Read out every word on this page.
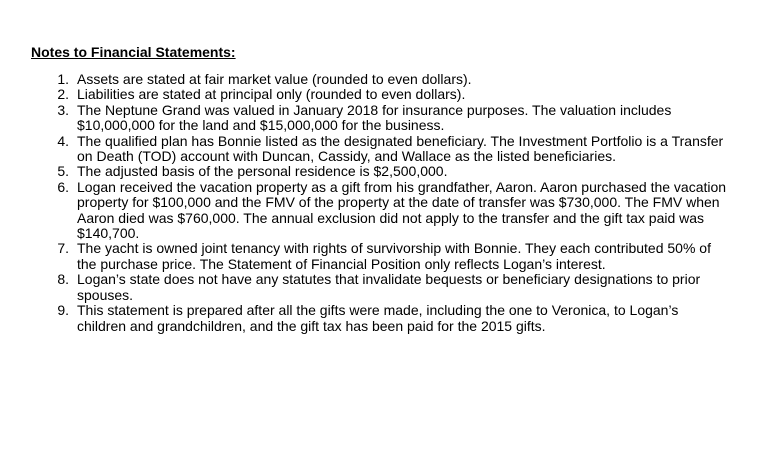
Notes to Financial Statements:
1. Assets are stated at fair market value (rounded to even dollars).
2. Liabilities are stated at principal only (rounded to even dollars).
3. The Neptune Grand was valued in January 2018 for insurance purposes. The valuation includes $10,000,000 for the land and $15,000,000 for the business.
4. The qualified plan has Bonnie listed as the designated beneficiary. The Investment Portfolio is a Transfer on Death (TOD) account with Duncan, Cassidy, and Wallace as the listed beneficiaries.
5. The adjusted basis of the personal residence is $2,500,000.
6. Logan received the vacation property as a gift from his grandfather, Aaron. Aaron purchased the vacation property for $100,000 and the FMV of the property at the date of transfer was $730,000. The FMV when Aaron died was $760,000. The annual exclusion did not apply to the transfer and the gift tax paid was $140,700.
7. The yacht is owned joint tenancy with rights of survivorship with Bonnie. They each contributed 50% of the purchase price. The Statement of Financial Position only reflects Logan’s interest.
8. Logan’s state does not have any statutes that invalidate bequests or beneficiary designations to prior spouses.
9. This statement is prepared after all the gifts were made, including the one to Veronica, to Logan’s children and grandchildren, and the gift tax has been paid for the 2015 gifts.
